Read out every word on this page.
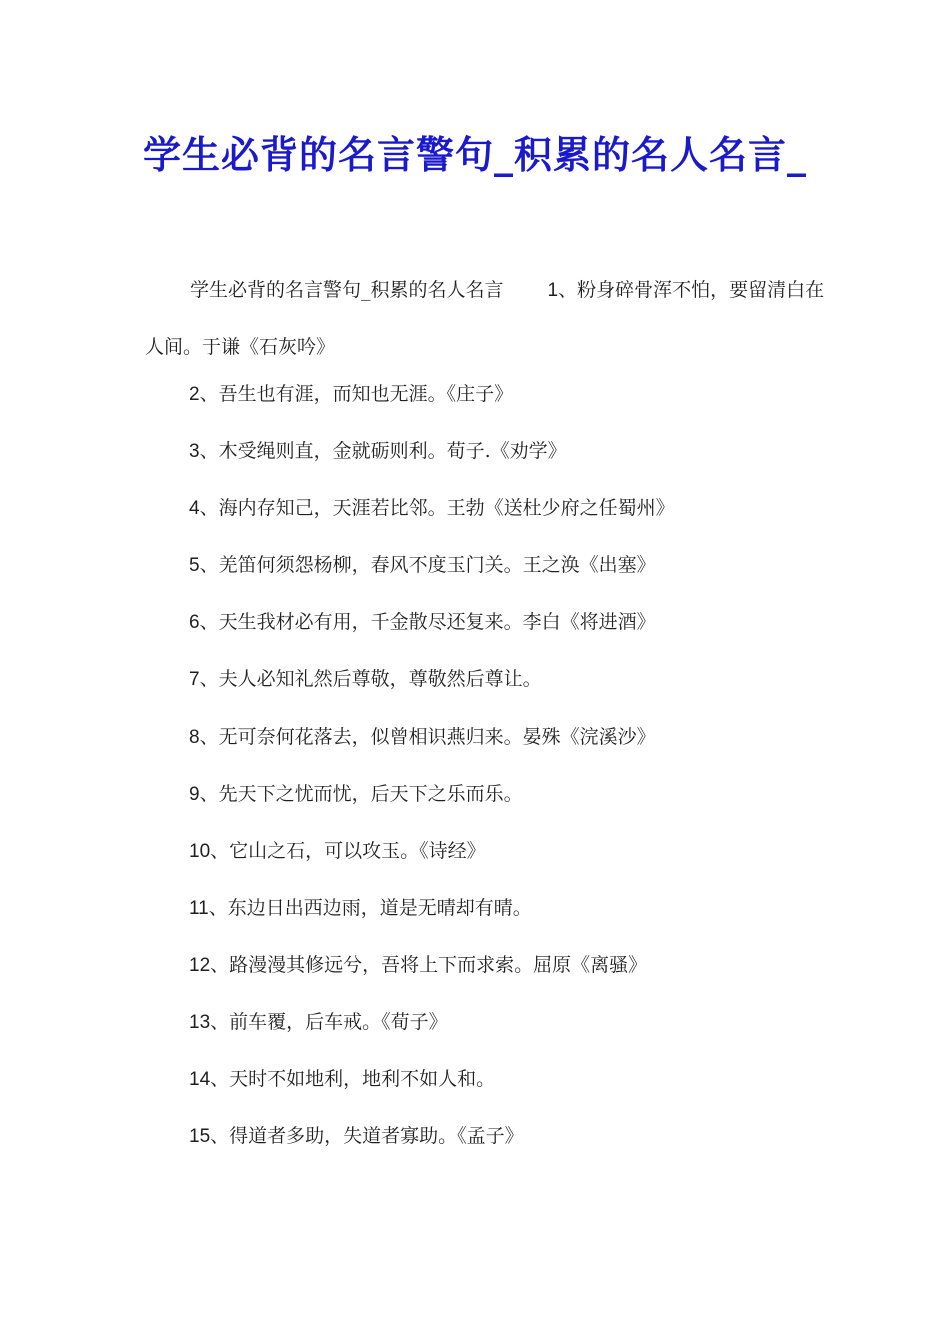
学生必背的名言警句_积累的名人名言_

学生必背的名言警句_积累的名人名言 1、粉身碎骨浑不怕，要留清白在人间。于谦《石灰吟》

2、吾生也有涯，而知也无涯。《庄子》
3、木受绳则直，金就砺则利。荀子.《劝学》
4、海内存知己，天涯若比邻。王勃《送杜少府之任蜀州》
5、羌笛何须怨杨柳，春风不度玉门关。王之涣《出塞》
6、天生我材必有用，千金散尽还复来。李白《将进酒》
7、夫人必知礼然后尊敬，尊敬然后尊让。
8、无可奈何花落去，似曾相识燕归来。晏殊《浣溪沙》
9、先天下之忧而忧，后天下之乐而乐。
10、它山之石，可以攻玉。《诗经》
11、东边日出西边雨，道是无晴却有晴。
12、路漫漫其修远兮，吾将上下而求索。屈原《离骚》
13、前车覆，后车戒。《荀子》
14、天时不如地利，地利不如人和。
15、得道者多助，失道者寡助。《孟子》
